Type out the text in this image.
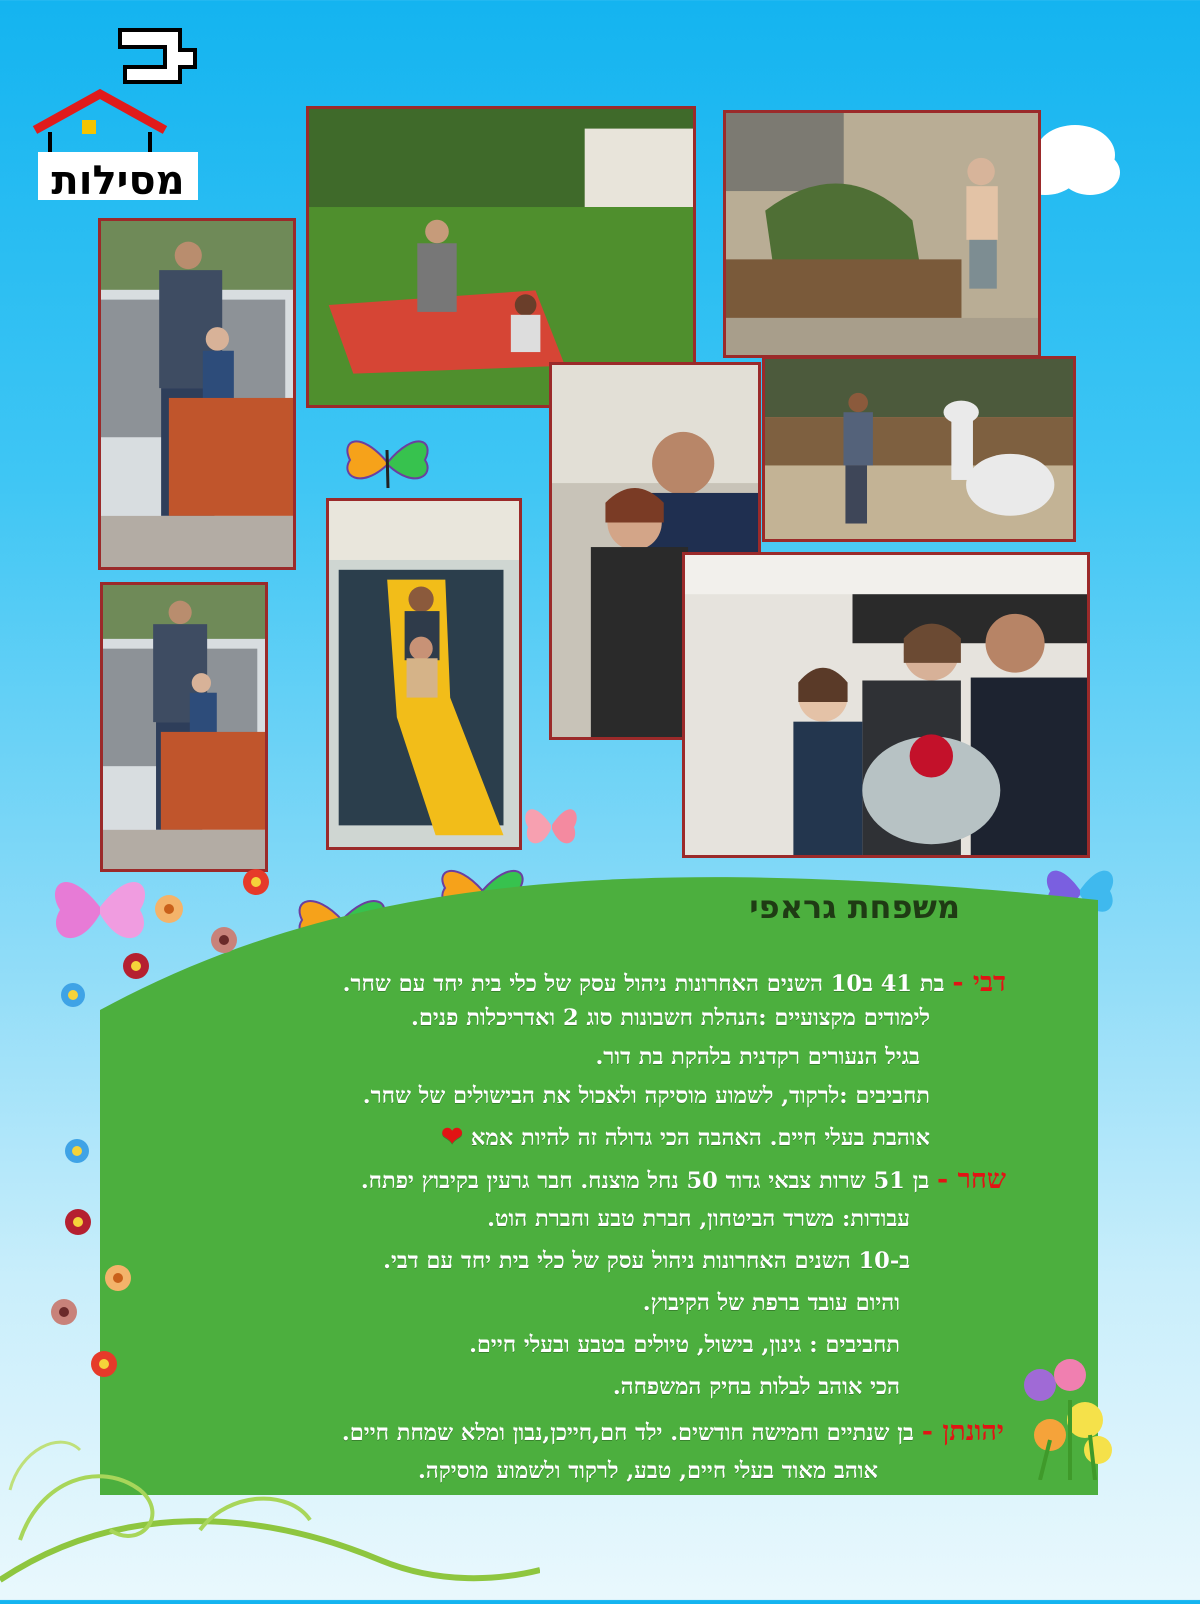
מסילות
משפחת גראפי
דבי - בת 41 ב10 השנים האחרונות ניהול עסק של כלי בית יחד עם שחר.
לימודים מקצועיים :הנהלת חשבונות סוג 2 ואדריכלות פנים.
בגיל הנעורים רקדנית בלהקת בת דור.
תחביבים :לרקוד, לשמוע מוסיקה ולאכול את הבישולים של שחר.
אוהבת בעלי חיים. האהבה הכי גדולה זה להיות אמא ❤
שחר - בן 51 שרות צבאי גדוד 50 נחל מוצנח. חבר גרעין בקיבוץ יפתח.
עבודות: משרד הביטחון, חברת טבע וחברת הוט.
ב-10 השנים האחרונות ניהול עסק של כלי בית יחד עם דבי.
והיום עובד ברפת של הקיבוץ.
תחביבים : גינון, בישול, טיולים בטבע ובעלי חיים.
הכי אוהב לבלות בחיק המשפחה.
יהונתן - בן שנתיים וחמישה חודשים. ילד חם,חייכן,נבון ומלא שמחת חיים.
אוהב מאוד בעלי חיים, טבע, לרקוד ולשמוע מוסיקה.
